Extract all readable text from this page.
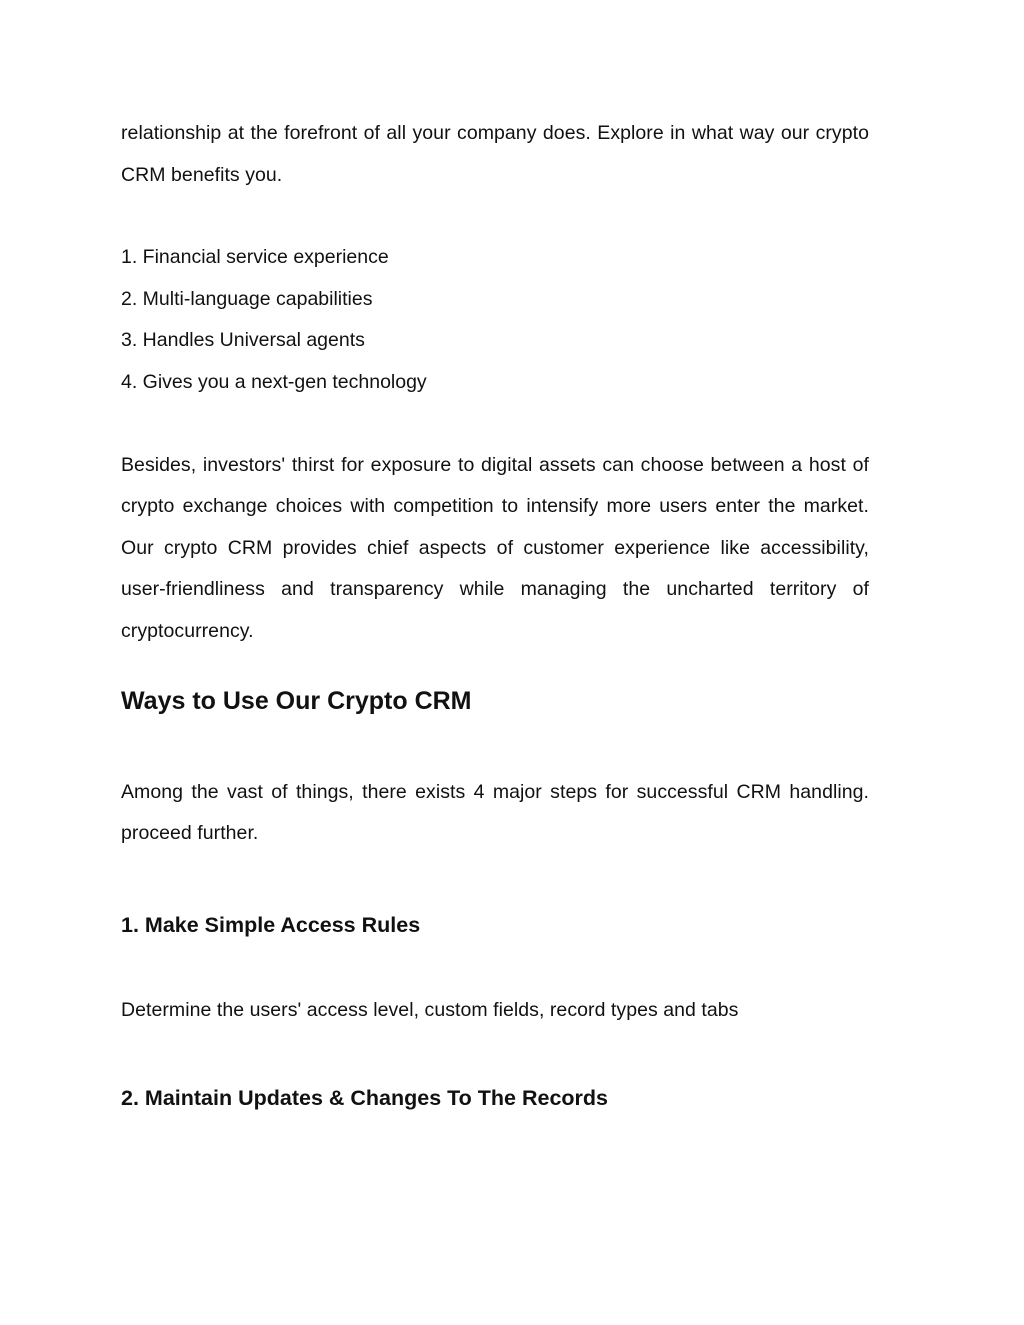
relationship at the forefront of all your company does. Explore in what way our crypto CRM benefits you.

1. Financial service experience
2. Multi-language capabilities
3. Handles Universal agents
4. Gives you a next-gen technology

Besides, investors' thirst for exposure to digital assets can choose between a host of crypto exchange choices with competition to intensify more users enter the market. Our crypto CRM provides chief aspects of customer experience like accessibility, user-friendliness and transparency while managing the uncharted territory of cryptocurrency.

Ways to Use Our Crypto CRM

Among the vast of things, there exists 4 major steps for successful CRM handling. proceed further.

1. Make Simple Access Rules

Determine the users' access level, custom fields, record types and tabs

2. Maintain Updates & Changes To The Records
